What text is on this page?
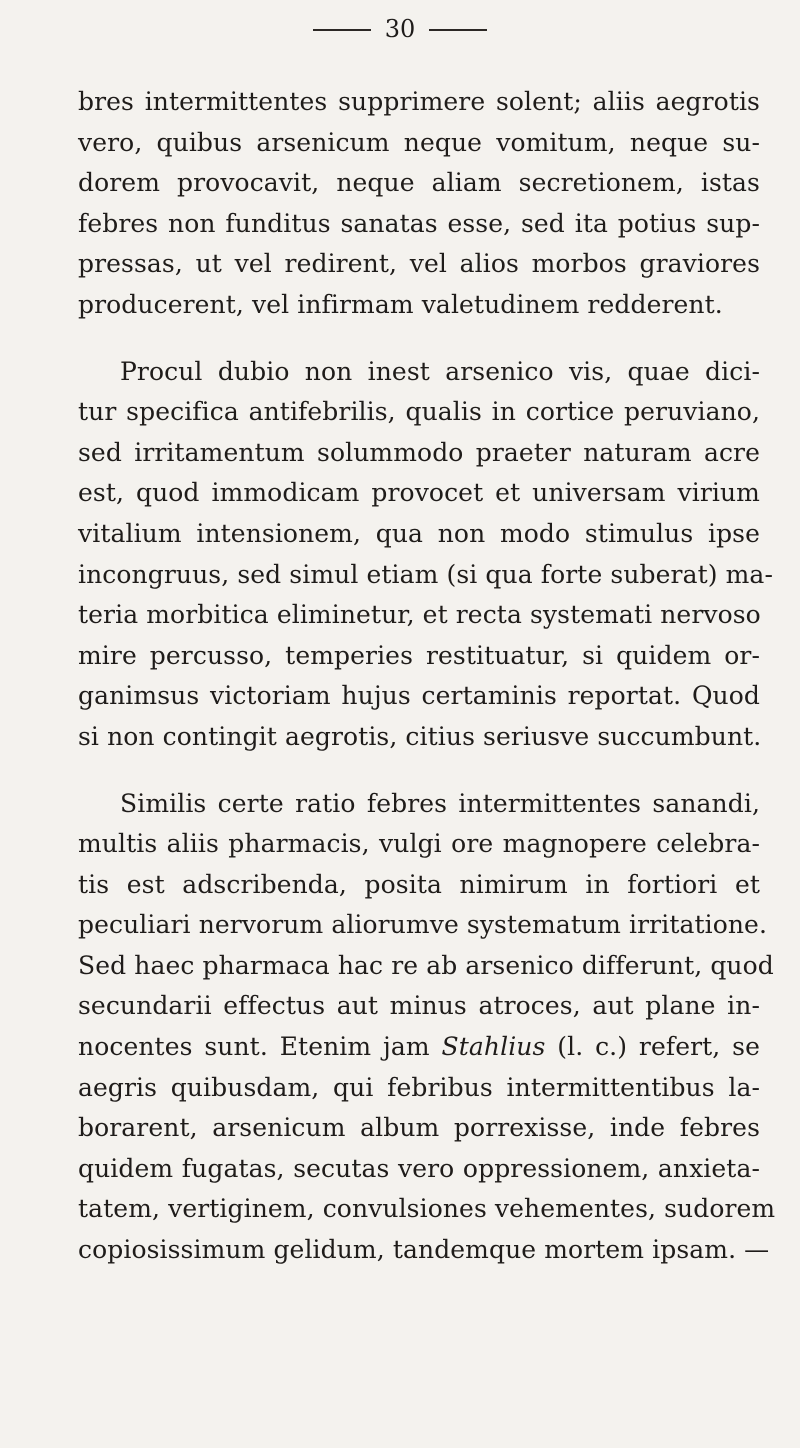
30

bres intermittentes supprimere solent; aliis aegrotis
vero, quibus arsenicum neque vomitum, neque su-
dorem provocavit, neque aliam secretionem, istas
febres non funditus sanatas esse, sed ita potius sup-
pressas, ut vel redirent, vel alios morbos graviores
producerent, vel infirmam valetudinem redderent.

Procul dubio non inest arsenico vis, quae dici-
tur specifica antifebrilis, qualis in cortice peruviano,
sed irritamentum solummodo praeter naturam acre
est, quod immodicam provocet et universam virium
vitalium intensionem, qua non modo stimulus ipse
incongruus, sed simul etiam (si qua forte suberat) ma-
teria morbitica eliminetur, et recta systemati nervoso
mire percusso, temperies restituatur, si quidem or-
ganimsus victoriam hujus certaminis reportat. Quod
si non contingit aegrotis, citius seriusve succumbunt.

Similis certe ratio febres intermittentes sanandi,
multis aliis pharmacis, vulgi ore magnopere celebra-
tis est adscribenda, posita nimirum in fortiori et
peculiari nervorum aliorumve systematum irritatione.
Sed haec pharmaca hac re ab arsenico differunt, quod
secundarii effectus aut minus atroces, aut plane in-
nocentes sunt. Etenim jam Stahlius (l. c.) refert, se
aegris quibusdam, qui febribus intermittentibus la-
borarent, arsenicum album porrexisse, inde febres
quidem fugatas, secutas vero oppressionem, anxieta-
tatem, vertiginem, convulsiones vehementes, sudorem
copiosissimum gelidum, tandemque mortem ipsam. —
